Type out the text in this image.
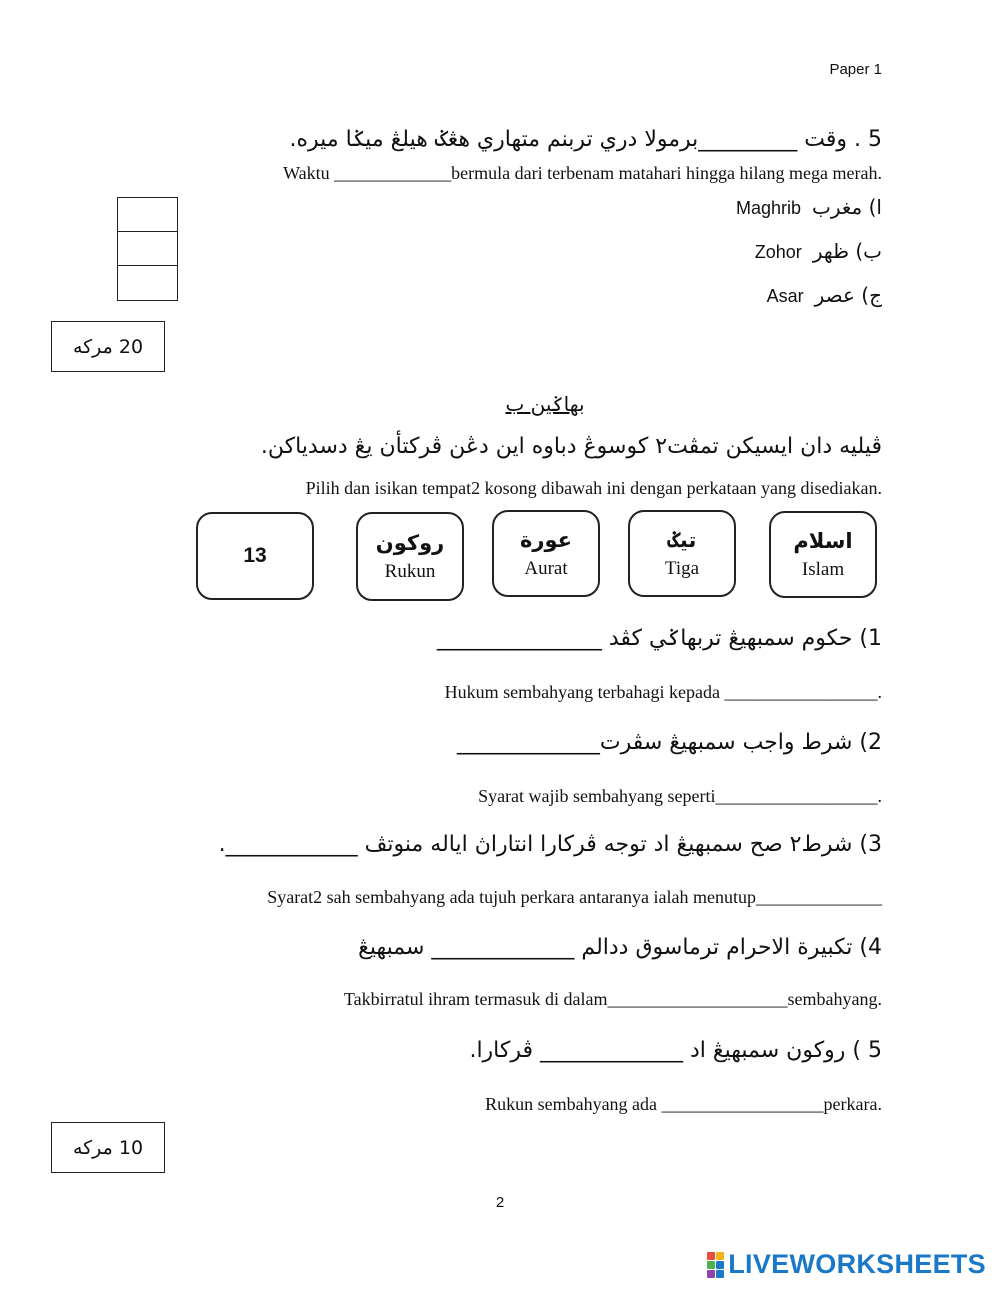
Paper 1
5 . وقت _________برمولا دري تربنم متهاري هڠݢ هيلڠ ميݢا ميره.
Waktu _____________bermula dari terbenam matahari hingga hilang mega merah.
Maghrib ا) مغرب
Zohor ب) ظهر
Asar ج) عصر
20 مرکه
بهاݢين ب
ڤيليه دان ايسيکن تمڤت٢ کوسوڠ دباوه اين دڠن ڤرکتأن يڠ دسدياکن.
Pilih dan isikan tempat2 kosong dibawah ini dengan perkataan yang disediakan.
اسلام
Islam
تيݢ
Tiga
عورة
Aurat
روکون
Rukun
13
1) حکوم سمبهيڠ تربهاݢي کڤد _______________
Hukum sembahyang terbahagi kepada _________________.
2) شرط واجب سمبهيڠ سڤرت_____________
Syarat wajib sembahyang seperti__________________.
3) شرط٢ صح سمبهيڠ اد توجه ڤرکارا انتاراڽ اياله منوتڤ ____________.
Syarat2 sah sembahyang ada tujuh perkara antaranya ialah menutup______________
4) تکبيرة الاحرام ترماسوق ددالم _____________ سمبهيڠ
Takbirratul ihram termasuk di dalam____________________sembahyang.
5 ) روکون سمبهيڠ اد _____________ ڤرکارا.
Rukun sembahyang ada __________________perkara.
10 مرکه
2
LIVEWORKSHEETS
